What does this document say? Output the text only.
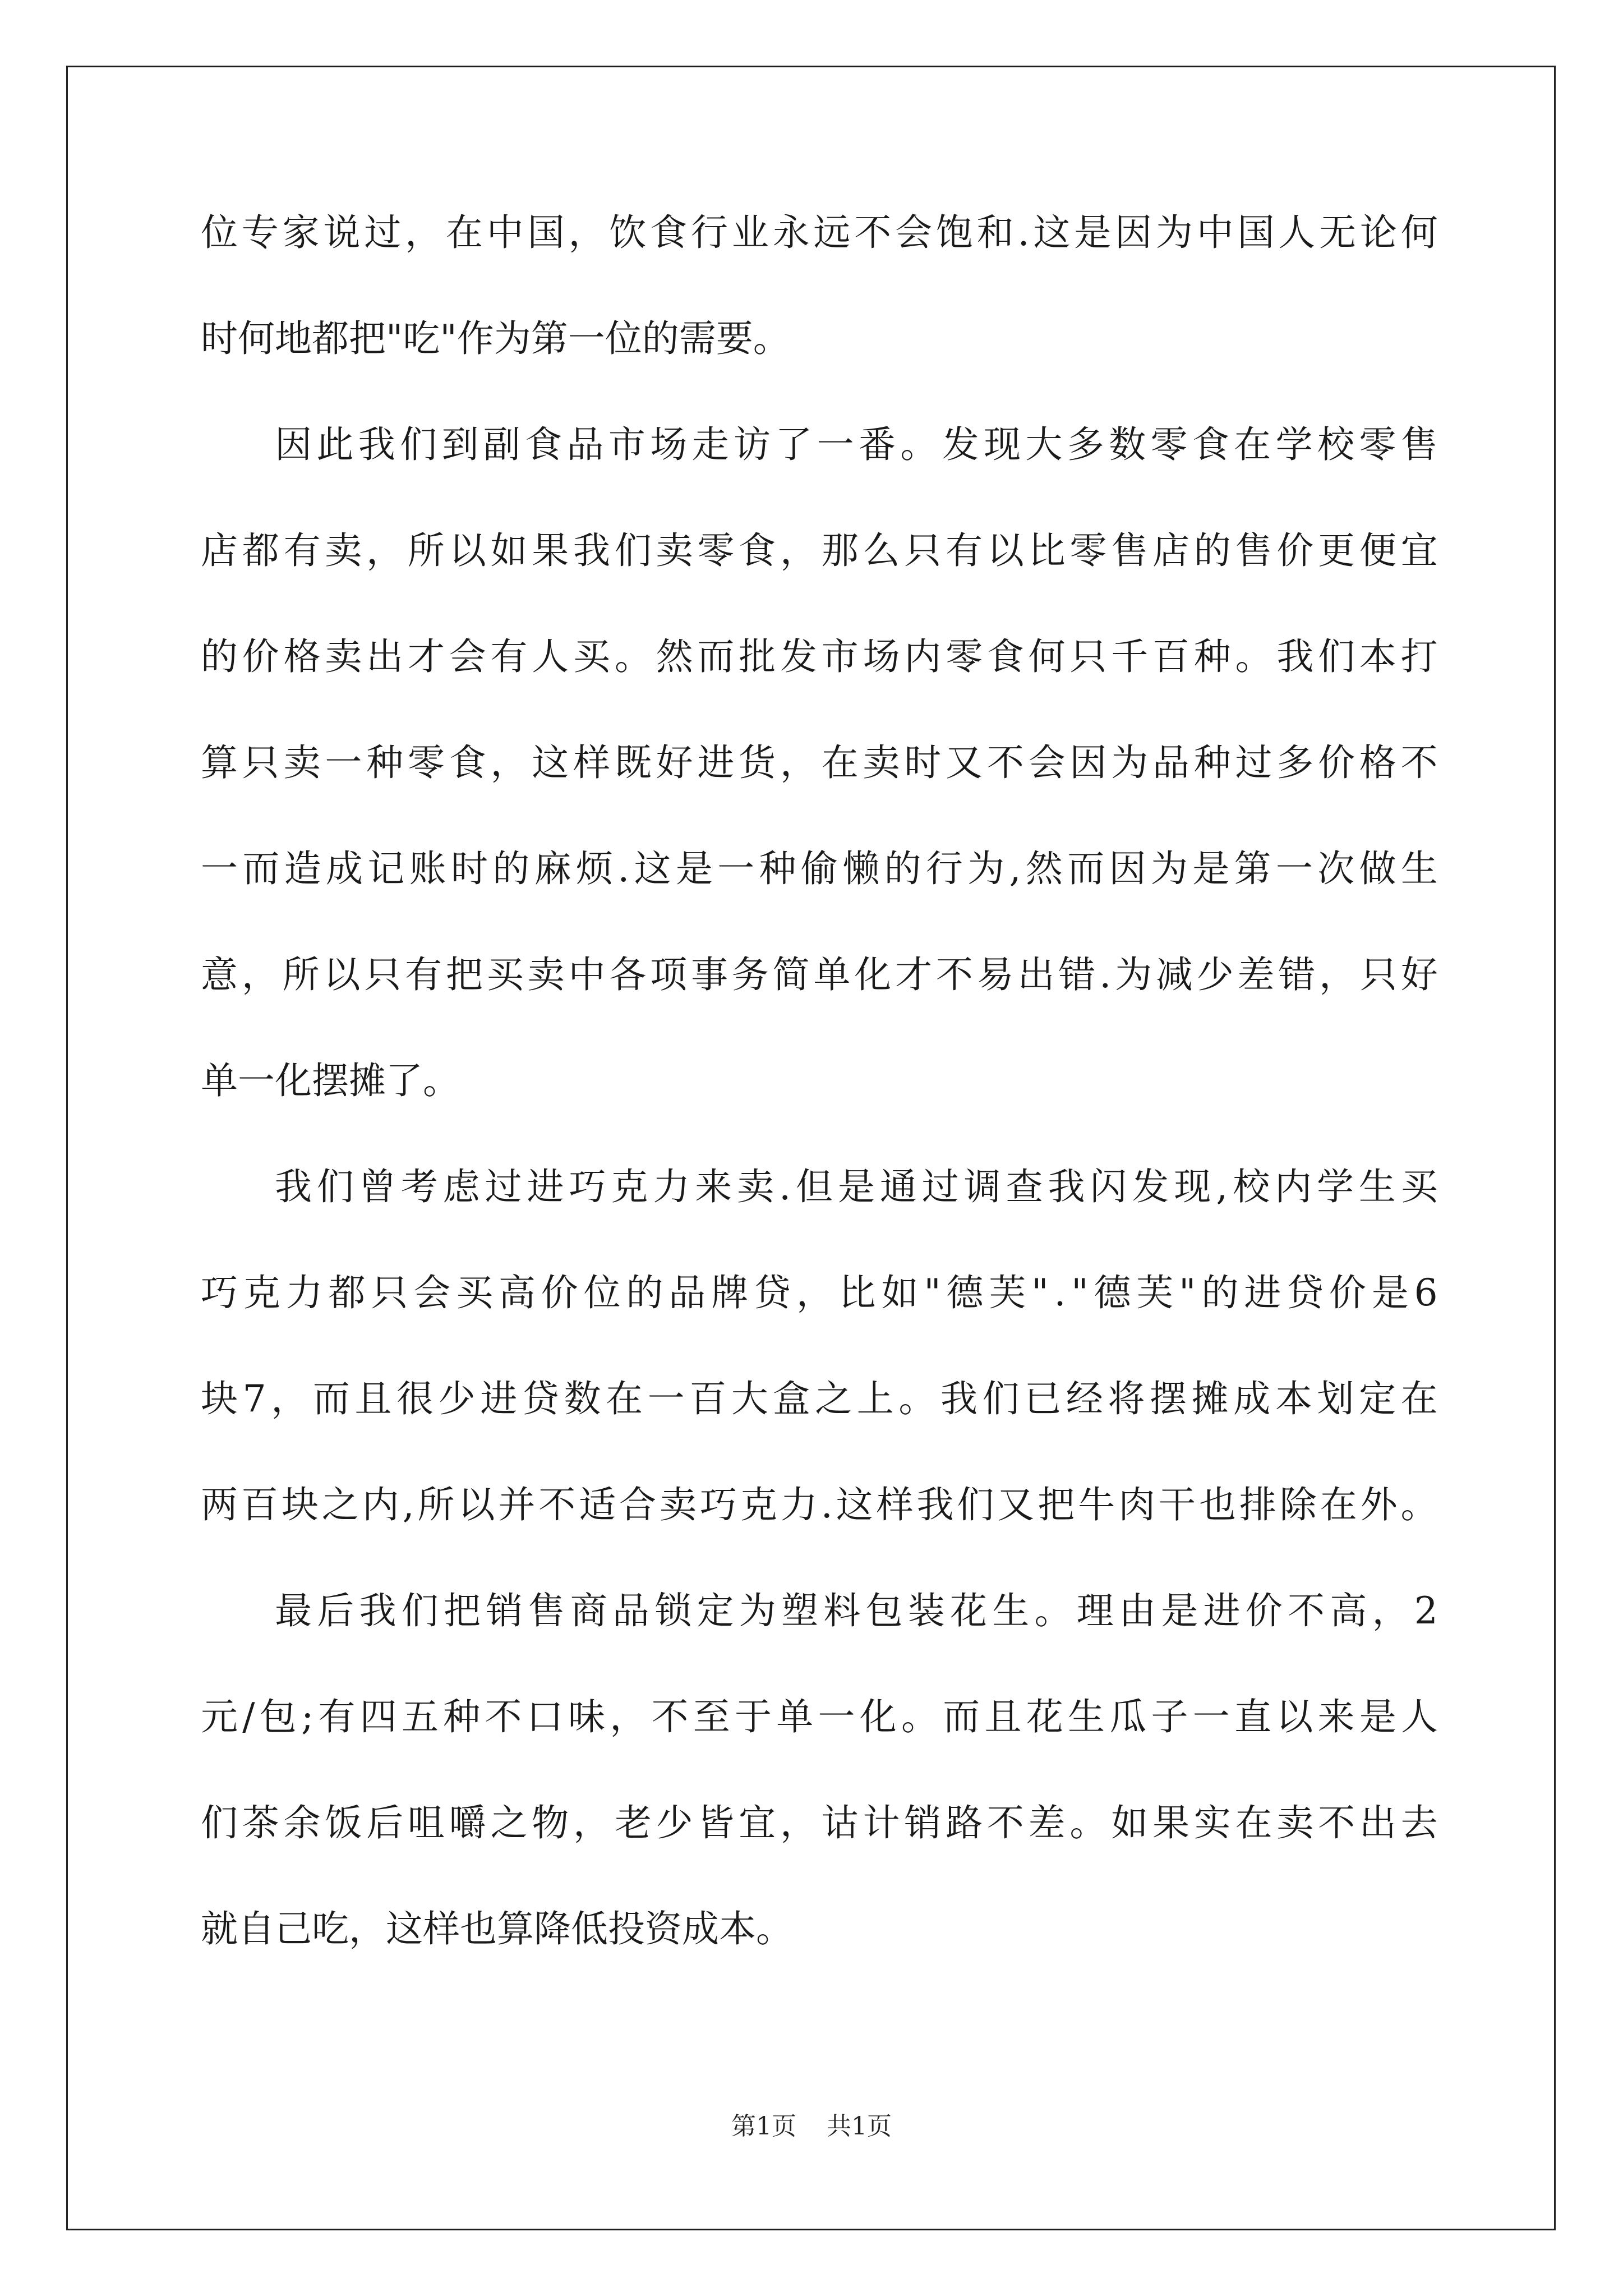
位 专 家 说 过 ， 在 中 国 ， 饮 食 行 业 永 远 不 会 饱 和 . 这 是 因 为 中 国 人 无 论 何
时何地都把"吃"作为第一位的需要。
因 此 我 们 到 副 食 品 市 场 走 访 了 一 番 。 发 现 大 多 数 零 食 在 学 校 零 售
店 都 有 卖 ， 所 以 如 果 我 们 卖 零 食 ， 那 么 只 有 以 比 零 售 店 的 售 价 更 便 宜
的 价 格 卖 出 才 会 有 人 买 。 然 而 批 发 市 场 内 零 食 何 只 千 百 种 。 我 们 本 打
算 只 卖 一 种 零 食 ， 这 样 既 好 进 货 ， 在 卖 时 又 不 会 因 为 品 种 过 多 价 格 不
一 而 造 成 记 账 时 的 麻 烦 . 这 是 一 种 偷 懒 的 行 为 , 然 而 因 为 是 第 一 次 做 生
意 ， 所 以 只 有 把 买 卖 中 各 项 事 务 简 单 化 才 不 易 出 错 . 为 减 少 差 错 ， 只 好
单一化摆摊了。
我 们 曾 考 虑 过 进 巧 克 力 来 卖 . 但 是 通 过 调 查 我 闪 发 现 , 校 内 学 生 买
巧 克 力 都 只 会 买 高 价 位 的 品 牌 贷 ， 比 如 " 德 芙 " . " 德 芙 " 的 进 贷 价 是 6
块 7 ， 而 且 很 少 进 贷 数 在 一 百 大 盒 之 上 。 我 们 已 经 将 摆 摊 成 本 划 定 在
两 百 块 之 内 , 所 以 并 不 适 合 卖 巧 克 力 . 这 样 我 们 又 把 牛 肉 干 也 排 除 在 外 。
最 后 我 们 把 销 售 商 品 锁 定 为 塑 料 包 装 花 生 。 理 由 是 进 价 不 高 ， 2
元 / 包 ; 有 四 五 种 不 口 味 ， 不 至 于 单 一 化 。 而 且 花 生 瓜 子 一 直 以 来 是 人
们 茶 余 饭 后 咀 嚼 之 物 ， 老 少 皆 宜 ， 诂 计 销 路 不 差 。 如 果 实 在 卖 不 出 去
就自己吃，这样也算降低投资成本。
第1页 共1页
